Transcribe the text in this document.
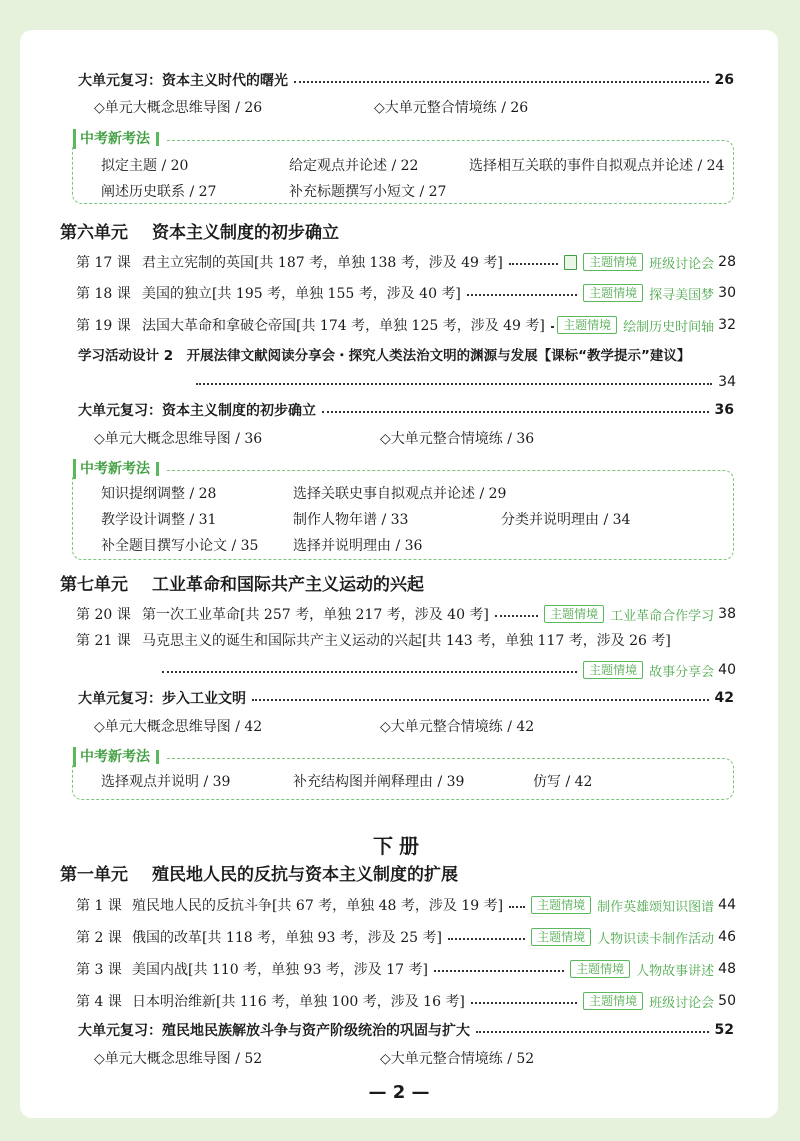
大单元复习：资本主义时代的曙光	26
◇单元大概念思维导图 / 26	◇大单元整合情境练 / 26
中考新考法
拟定主题 / 20	给定观点并论述 / 22	选择相互关联的事件自拟观点并论述 / 24
阐述历史联系 / 27	补充标题撰写小短文 / 27
第六单元 资本主义制度的初步确立
第 17 课 君主立宪制的英国[共 187 考，单独 138 考，涉及 49 考]	主题情境 班级讨论会 28
第 18 课 美国的独立[共 195 考，单独 155 考，涉及 40 考]	主题情境 探寻美国梦 30
第 19 课 法国大革命和拿破仑帝国[共 174 考，单独 125 考，涉及 49 考]	主题情境 绘制历史时间轴 32
学习活动设计 2　开展法律文献阅读分享会・探究人类法治文明的渊源与发展【课标“教学提示”建议】
34
大单元复习：资本主义制度的初步确立	36
◇单元大概念思维导图 / 36	◇大单元整合情境练 / 36
中考新考法
知识提纲调整 / 28	选择关联史事自拟观点并论述 / 29
教学设计调整 / 31	制作人物年谱 / 33	分类并说明理由 / 34
补全题目撰写小论文 / 35 选择并说明理由 / 36
第七单元 工业革命和国际共产主义运动的兴起
第 20 课 第一次工业革命[共 257 考，单独 217 考，涉及 40 考]	主题情境 工业革命合作学习 38
第 21 课 马克思主义的诞生和国际共产主义运动的兴起[共 143 考，单独 117 考，涉及 26 考]
主题情境 故事分享会 40
大单元复习：步入工业文明	42
◇单元大概念思维导图 / 42	◇大单元整合情境练 / 42
中考新考法
选择观点并说明 / 39	补充结构图并阐释理由 / 39	仿写 / 42
下册
第一单元 殖民地人民的反抗与资本主义制度的扩展
第 1 课 殖民地人民的反抗斗争[共 67 考，单独 48 考，涉及 19 考]	主题情境 制作英雄颂知识图谱 44
第 2 课 俄国的改革[共 118 考，单独 93 考，涉及 25 考]	主题情境 人物识读卡制作活动 46
第 3 课 美国内战[共 110 考，单独 93 考，涉及 17 考]	主题情境 人物故事讲述 48
第 4 课 日本明治维新[共 116 考，单独 100 考，涉及 16 考]	主题情境 班级讨论会 50
大单元复习：殖民地民族解放斗争与资产阶级统治的巩固与扩大	52
◇单元大概念思维导图 / 52	◇大单元整合情境练 / 52
— 2 —
